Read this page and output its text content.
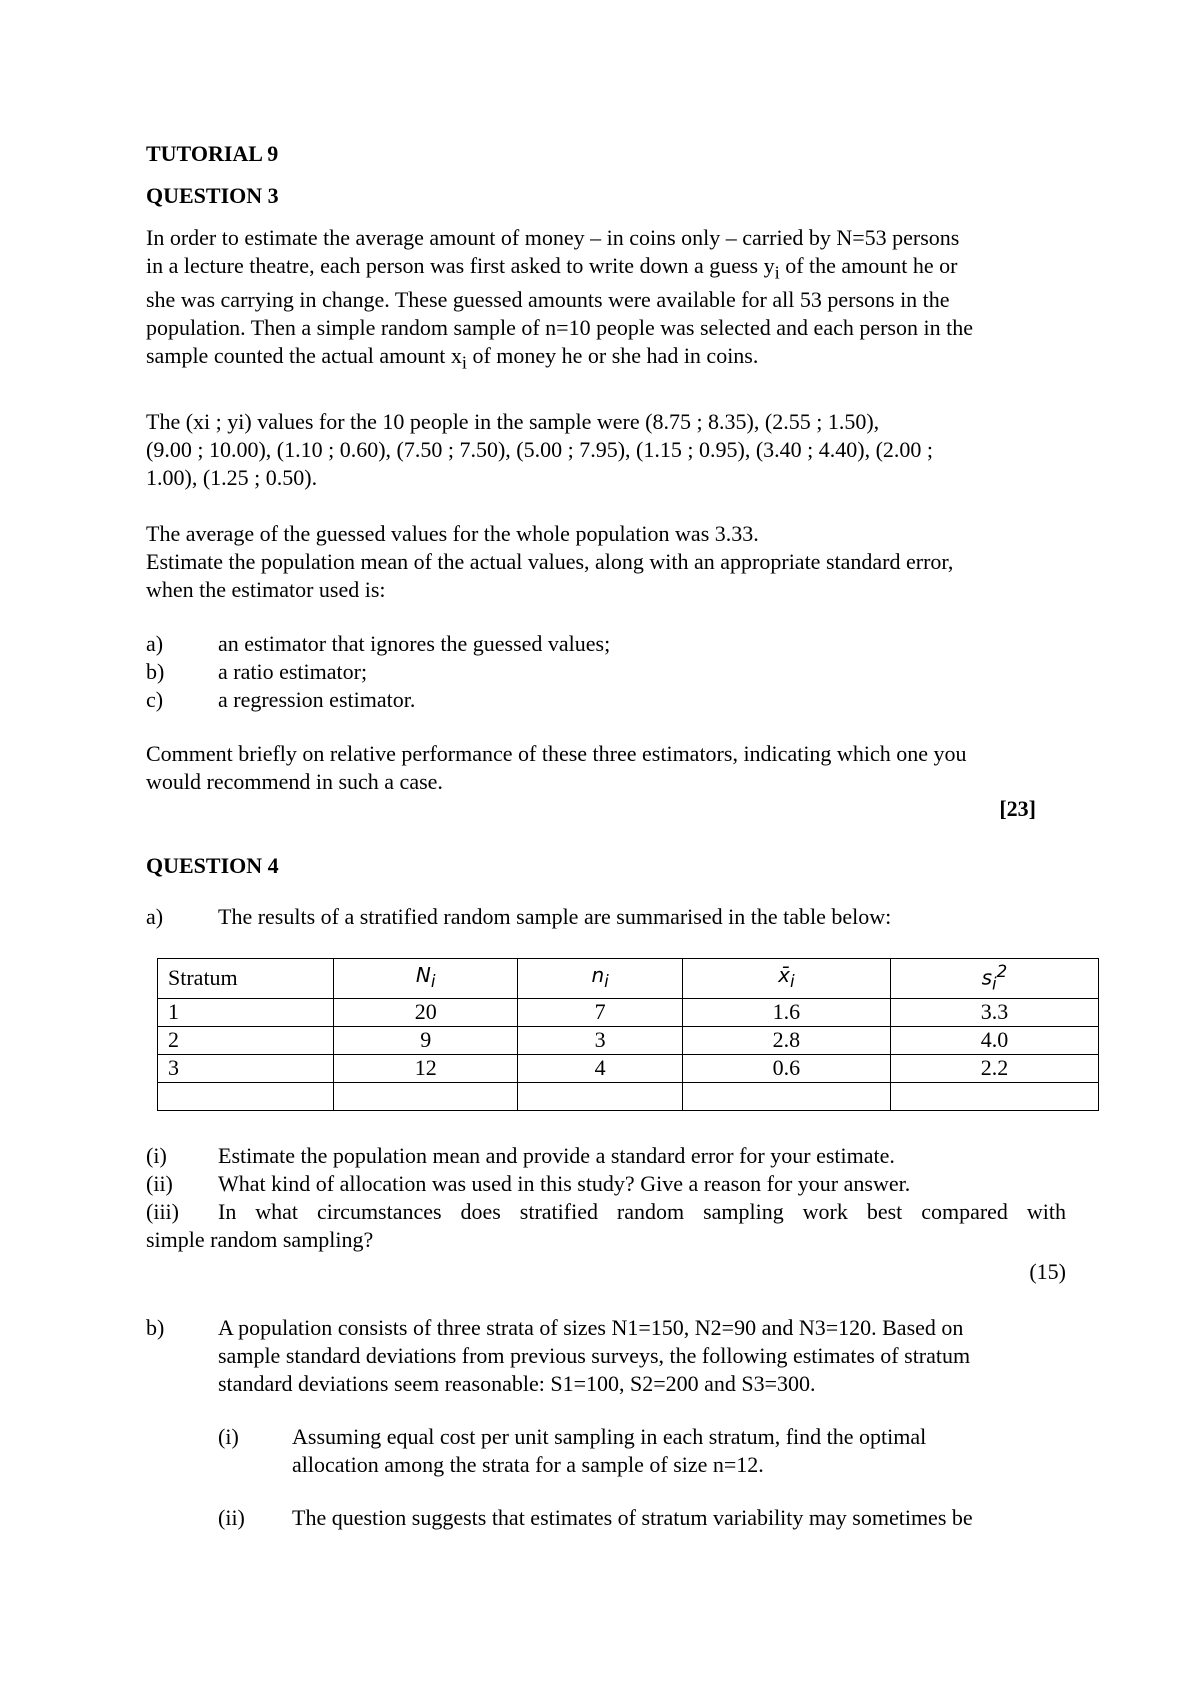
TUTORIAL 9

QUESTION 3

In order to estimate the average amount of money – in coins only – carried by N=53 persons

in a lecture theatre, each person was first asked to write down a guess $y_i$ of the amount he or

she was carrying in change. These guessed amounts were available for all 53 persons in the

population. Then a simple random sample of n=10 people was selected and each person in the

sample counted the actual amount $x_i$ of money he or she had in coins.

The (xi ; yi) values for the 10 people in the sample were (8.75 ; 8.35), (2.55 ; 1.50),

(9.00 ; 10.00), (1.10 ; 0.60), (7.50 ; 7.50), (5.00 ; 7.95), (1.15 ; 0.95), (3.40 ; 4.40), (2.00 ;

1.00), (1.25 ; 0.50).

The average of the guessed values for the whole population was 3.33.

Estimate the population mean of the actual values, along with an appropriate standard error,

when the estimator used is:

a)	an estimator that ignores the guessed values;
b)	a ratio estimator;
c)	a regression estimator.

Comment briefly on relative performance of these three estimators, indicating which one you

would recommend in such a case.

[23]

QUESTION 4

a)	The results of a stratified random sample are summarised in the table below:
Stratum	$N_i$	$n_i$	$x̄_i$	$s_i^2$
1	20	7	1.6	3.3
2	9	3	2.8	4.0
3	12	4	0.6	2.2

(i)	Estimate the population mean and provide a standard error for your estimate.
(ii)	What kind of allocation was used in this study? Give a reason for your answer.
(iii)	In what circumstances does stratified random sampling work best compared with

simple random sampling?

(15)

b)	A population consists of three strata of sizes N1=150, N2=90 and N3=120. Based on
sample standard deviations from previous surveys, the following estimates of stratum
standard deviations seem reasonable: S1=100, S2=200 and S3=300.
(i)	Assuming equal cost per unit sampling in each stratum, find the optimal
allocation among the strata for a sample of size n=12.
(ii)	The question suggests that estimates of stratum variability may sometimes be
